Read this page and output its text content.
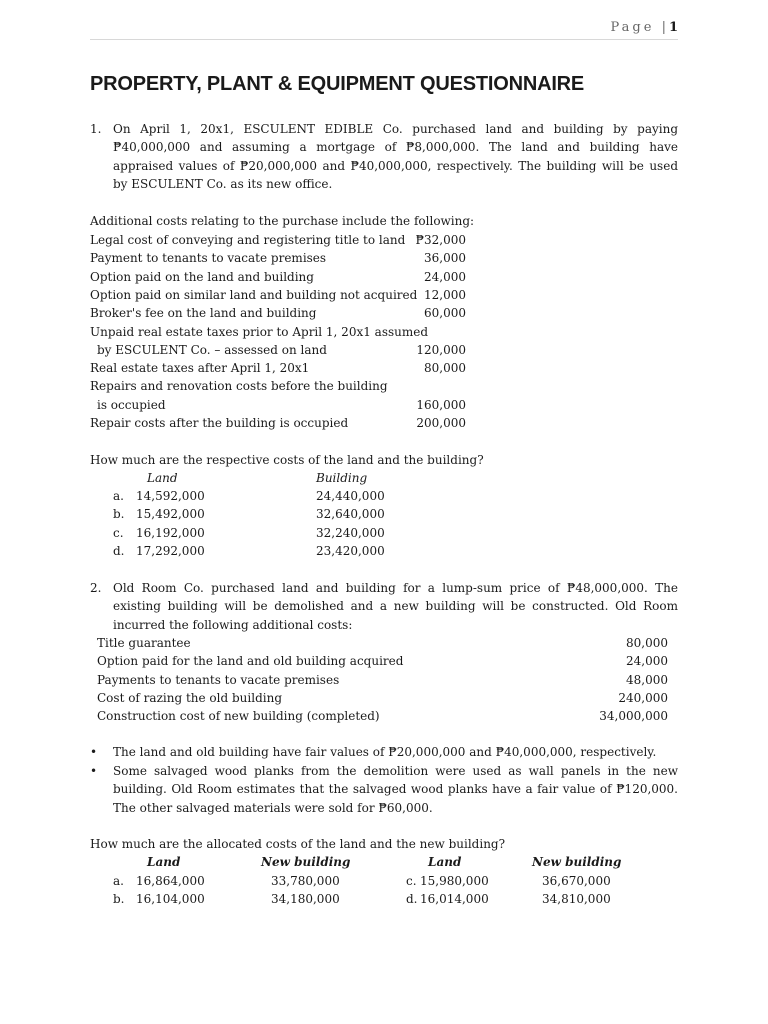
Page |1
PROPERTY, PLANT & EQUIPMENT QUESTIONNAIRE
1. On April 1, 20x1, ESCULENT EDIBLE Co. purchased land and building by paying ₱40,000,000 and assuming a mortgage of ₱8,000,000. The land and building have appraised values of ₱20,000,000 and ₱40,000,000, respectively. The building will be used by ESCULENT Co. as its new office.
Additional costs relating to the purchase include the following:
Legal cost of conveying and registering title to land ₱32,000
Payment to tenants to vacate premises	36,000
Option paid on the land and building	24,000
Option paid on similar land and building not acquired 12,000
Broker's fee on the land and building	60,000
Unpaid real estate taxes prior to April 1, 20x1 assumed
by ESCULENT Co. – assessed on land	120,000
Real estate taxes after April 1, 20x1	80,000
Repairs and renovation costs before the building
is occupied	160,000
Repair costs after the building is occupied	200,000
How much are the respective costs of the land and the building?
Land	Building
a. 14,592,000	24,440,000
b. 15,492,000	32,640,000
c. 16,192,000	32,240,000
d. 17,292,000	23,420,000
2. Old Room Co. purchased land and building for a lump-sum price of ₱48,000,000. The existing building will be demolished and a new building will be constructed. Old Room incurred the following additional costs:
Title guarantee	80,000
Option paid for the land and old building acquired	24,000
Payments to tenants to vacate premises	48,000
Cost of razing the old building	240,000
Construction cost of new building (completed)	34,000,000
• The land and old building have fair values of ₱20,000,000 and ₱40,000,000, respectively.
• Some salvaged wood planks from the demolition were used as wall panels in the new building. Old Room estimates that the salvaged wood planks have a fair value of ₱120,000. The other salvaged materials were sold for ₱60,000.
How much are the allocated costs of the land and the new building?
Land	New building	Land	New building
a. 16,864,000	33,780,000
b. 16,104,000	34,180,000
c. 15,980,000	36,670,000
d. 16,014,000	34,810,000
